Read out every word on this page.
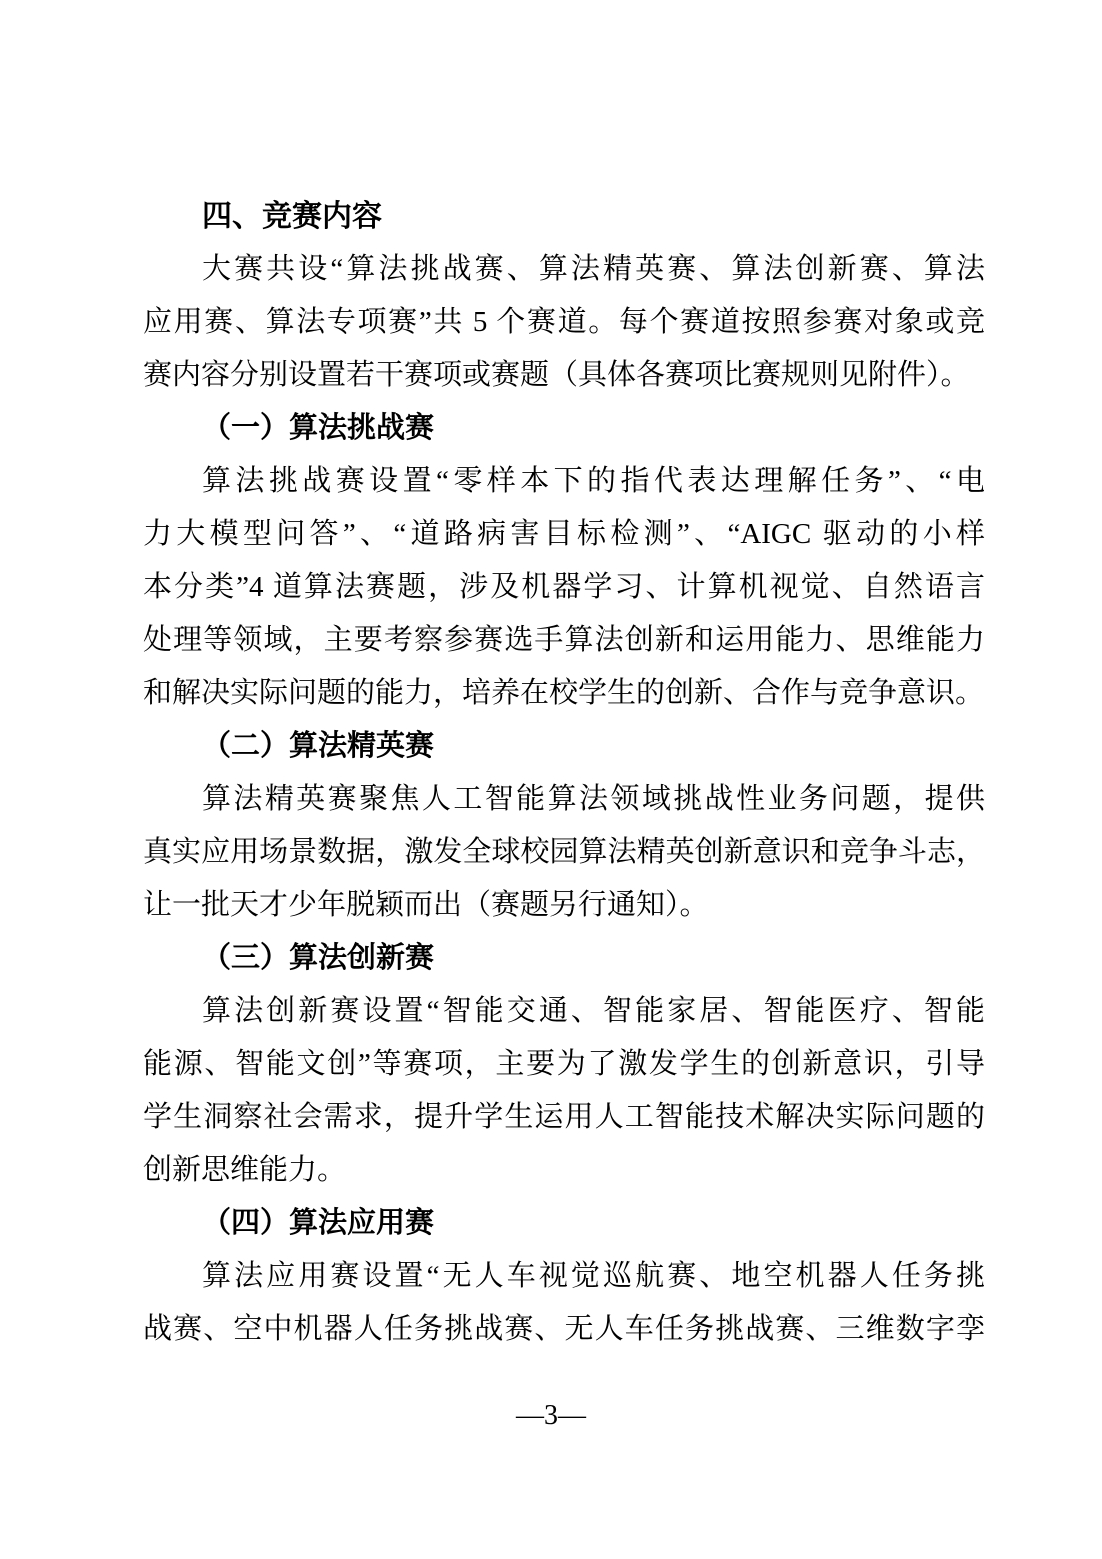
四、竞赛内容
大赛共设“算法挑战赛、算法精英赛、算法创新赛、算法
应用赛、算法专项赛”共 5 个赛道。每个赛道按照参赛对象或竞
赛内容分别设置若干赛项或赛题（具体各赛项比赛规则见附件）。
（一）算法挑战赛
算法挑战赛设置“零样本下的指代表达理解任务”、“电
力大模型问答”、“道路病害目标检测”、“AIGC 驱动的小样
本分类”4 道算法赛题，涉及机器学习、计算机视觉、自然语言
处理等领域，主要考察参赛选手算法创新和运用能力、思维能力
和解决实际问题的能力，培养在校学生的创新、合作与竞争意识。
（二）算法精英赛
算法精英赛聚焦人工智能算法领域挑战性业务问题，提供
真实应用场景数据，激发全球校园算法精英创新意识和竞争斗志，
让一批天才少年脱颖而出（赛题另行通知）。
（三）算法创新赛
算法创新赛设置“智能交通、智能家居、智能医疗、智能
能源、智能文创”等赛项，主要为了激发学生的创新意识，引导
学生洞察社会需求，提升学生运用人工智能技术解决实际问题的
创新思维能力。
（四）算法应用赛
算法应用赛设置“无人车视觉巡航赛、地空机器人任务挑
战赛、空中机器人任务挑战赛、无人车任务挑战赛、三维数字孪
—3—
